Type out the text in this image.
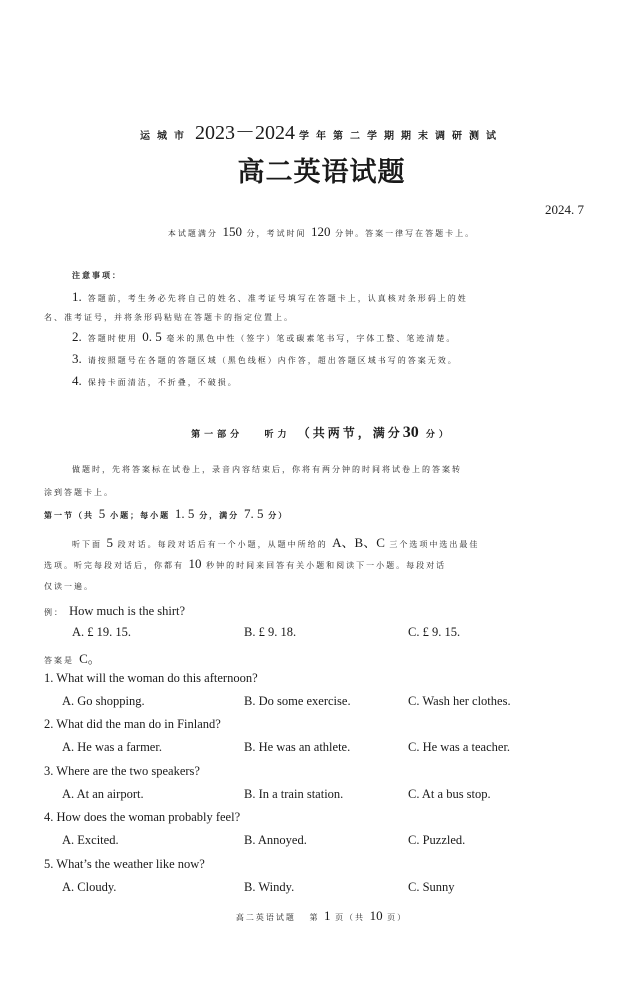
运城市 2023－2024 学年第二学期期末调研测试
高二英语试题
2024. 7
本试题满分 150 分，考试时间 120 分钟。答案一律写在答题卡上。
注意事项：
1. 答题前，考生务必先将自己的姓名、准考证号填写在答题卡上，认真核对条形码上的姓
名、准考证号，并将条形码粘贴在答题卡的指定位置上。
2. 答题时使用 0. 5 毫米的黑色中性（签字）笔或碳素笔书写，字体工整、笔迹清楚。
3. 请按照题号在各题的答题区域（黑色线框）内作答，超出答题区域书写的答案无效。
4. 保持卡面清洁，不折叠，不破损。
第一部分 听力 （共两节，满分30 分）
做题时，先将答案标在试卷上，录音内容结束后，你将有两分钟的时间将试卷上的答案转
涂到答题卡上。
第一节（共 5 小题；每小题 1. 5 分，满分 7. 5 分）
听下面 5 段对话。每段对话后有一个小题，从题中所给的 A、B、C 三个选项中选出最佳
选项。听完每段对话后，你都有 10 秒钟的时间来回答有关小题和阅读下一小题。每段对话
仅读一遍。
例： How much is the shirt?
A. £ 19. 15.	B. £ 9. 18.	C. £ 9. 15.
答案是 C。
1. What will the woman do this afternoon?
A. Go shopping.	B. Do some exercise.	C. Wash her clothes.
2. What did the man do in Finland?
A. He was a farmer.	B. He was an athlete.	C. He was a teacher.
3. Where are the two speakers?
A. At an airport.	B. In a train station.	C. At a bus stop.
4. How does the woman probably feel?
A. Excited.	B. Annoyed.	C. Puzzled.
5. What’s the weather like now?
A. Cloudy.	B. Windy.	C. Sunny
高二英语试题 第 1 页（共 10 页）
